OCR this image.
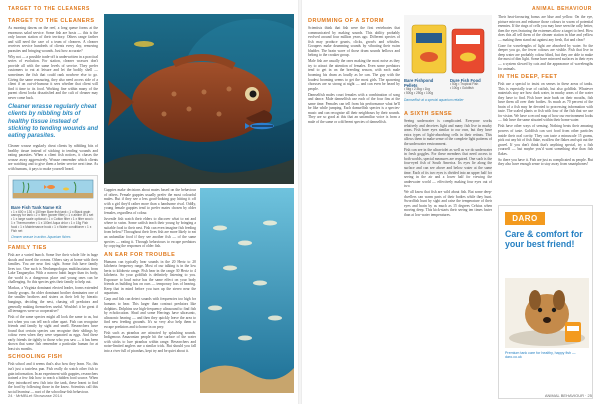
TARGET TO THE CLEANERS
TARGET TO THE CLEANERS

As morning dawns on the reef, a long queue forms at the enormous salad service. Some fish are hosts — this is the only known station of their territory. Others range farther and still need the care of a team of cleaners. A cleaner receives service hundreds of clients every day, removing parasites and bringing wounds. Just how accurate?

Why not — a possible trade-off is underwritten in a practical series of evolution. For station, cleaner wrasses don't provide all with the same levels of service. They prefer customers to eat at leisure and let the bodily shell — sometimes the fish that could rank nowhere else to go. Giving the same reassuring, they also need access side of a client if on out-of-humour it sees whether that client will find it time to its food. Working fine within many of the parent client looks dissatisfied and the cult of cleaner may never come back.

Cleaner wrasse regularly cheat clients by nibbling bits of healthy tissue instead of sticking to tending wounds and eating parasites.

Cleaner wrasse regularly cheat clients by nibbling bits of healthy tissue instead of sticking to tending wounds and eating parasites. When a client fish notices, it chases the wrasse away aggressively. Wrasse remember which clients are watching and to give them a better service next time. As with humans, it pays to make yourself heard.

Bare Fish Tank Name Kit
• 1 x 600 x 130 x 150mm Bare fish tank • 1 x Black grain canopy for tank • 2 x filter (power filter) • 1 x airline of 1 set • 1 x large scale optional • 1 x Cotton filter • 1 x filter wool • 1 x Thermometer • 1 x 100ml Aqua chlor • 1 x 15g Fish food • 1 x Maintenance book • 1 x Water conditioner • 1 x Fish net
Cleaner wrasse in action. Aquarium fishes
FAMILY TIES

Fish are a varied bunch. Some live their whole life in huge shoals and travel the oceans. Others stay at home with their families. You are near first sight. Some fish have family lives too. One such is Neolamprologus multifasciatus from Lake Tanganyika. With a narrow habit larger than its body, the world is a dangerous place and young ones can be challenging. So this species gets their family to help out.

Markus, a Virginia dominant elected leader, forms extended family groups. An older dominant brother dominates one of the smaller brothers and sisters as their left by hieratic hangings, deciding the nest, chasing off predators and generally making themselves useful. Wouldn't it be great if all teenagers were so cooperative?

Fish of the same species might all look the same to us, but not when you can tell each other apart. Fish can recognise friends and family by sight and smell. Researchers have found that certain species can recognise their siblings by colour even when they were separated as eggs. And these early friends tie tightly to those who you saw — it has been shown that some fish remember a particular human for at least six months.

SCHOOLING FISH

Fish school and it seems that's also how they learn. No, this isn't just a tasteless pun. Fish really do watch other fish to gain information. In an experiment with guppies, researchers trained a few fish how to reach a hidden food source. When they introduced new fish into the tank, these learnt to find the food by following those in the know. Scientists call this social learning — part of the schooling-fish behaviour.

Guppies make decisions about mates based on the behaviour of others. Female guppies usually prefer the most colourful males. But if they see a less good-looking guy hitting it off with a girl they'd rather more than a handsome rival. Oddly, young female guppies tend to prefer mates chosen by older females, regardless of colour.

Juvenile fish watch their elders to discover what to eat and where to swim. Some catfish teach their young by bringing a suitable food to their nest. Fish can even imagine fish feeding from below? Throughout their lives fish are more likely to eat an unfamiliar food if they see another fish — of the same species — eating it. Through behaviours to escape predators by copying the responses of older fish.

AN EAR FOR TROUBLE

Humans can typically hear sounds in the 20 Hertz to 20 kilohertz frequency range. Most of our talking is in the low hertz to kilohertz range. Fish hear in the range 30 Hertz to 4 kilohertz. So your goldfish is definitely listening to you. Exposure to loud noise has the same effect on your body friends as building has on ours — temporary loss of hearing. Keep that in mind before you turn up the stereo near the aquarium.

Carp and fish can detect sounds with frequencies too high for humans to hear. This larger than contract predators like dolphins. Dolphins use high-frequency ultrasound to find fish by echolocation. Shad and some Herrings have ultrasonic, ultrasonic hearing — and then they quickly leave the area to find new feeding grounds. It's so very also help them to escape predators and to home in on prey.

Fish such as piranhas are attracted by splashing sounds. Indigenous Amazonian people hit the surface of the water with sticks to lure piranhas within range. Researchers and noise-limited anglers use a similar trick. But should you fall into a river full of piranhas, kept try and be quiet about it.

24 · MrMBLet Showcase 2014
ANIMAL BEHAVIOUR
DRUMMING OF A STORM

Scientists think that fish were the first vertebrates that communicated by making sounds. This ability probably evolved around four million years ago. Different species of fish may produce grunts, clicks, growls and whistles. Groupers make drumming sounds by vibrating their swim bladder. The brain wave of those drum sounds bellows and belong to the croaker group.

Male fish are usually the ones making the most noise as they try to attract the attention of females. Even some predators tend to get in on the breeding season, with each male booming his drum as loudly as he can. The guy with the loudest booming seems to get the most girls. The spawning choruses are so strong at night — and can even be heard by people.

Damselfish males court females with a combination of song and dance. Male damselfish use each of the four fins at the same time. Females can tell from his performance what he'll be like while jumping. Each damselfish species is a species-music and can recognise all their neighbours by their sounds. They are so good at this that an unfamiliar voice is from a male of the same or a different species of damselfish.

Bare Fishpond Pellets
• 5kg • 2.5kg • 1kg
• 500g • 250g • 100g
Dure Fish Food
• 50g • Tropical Fish
• 100g • Goldfish
Damselfish at a special aquarium retailer
A SIXTH SENSE

Seeing underwater is complicated. Everyone works relatively and deceives light and many fish live in murky areas. Fish have eyes similar to our own, but they have extra types of light-absorbing cells in their retinas. This allows them to make sense of the complete light patterns of the underwater environment.

Fish can see in the ultraviolet as well as we do underwater in fresh goggles. For these members that need access to both worlds, special measures are required. One such is the four-eyed fish of South America. Its eyes lie along the surface and can see above and below water at the same time. Each of its two eyes is divided into an upper half for seeing in the air and a lower half for viewing the underwater world — effectively making four eyes out of two.

We all know that fish are wild about fish. But some deep-dwellers can warm parts of their bodies while they hunt. Swordfish hunt by sight and raise the temperature of their eyes and brain by as much as 15 degrees Celsius when moving deep. This kick-starts their seeing ten times faster than at low-water temperatures.

Their heat-favouring bonus are blue and yellow. On the eye, picture mirrors and enhance those colours in warm of potential enemies. If the rings of cells you may have seen the rally better, then the eyes featuring the extremes allow a target to feed. How does this all tell them of the cleaner station in blue and yellow — making them stand out against any fresh, flat and clear?

Cone for wavelengths of light are absorbed by water. So the deeper you go, the fewer colours are visible. Fish that live in deep water are probably colour blind, but they are able to make the most of dim light. Some have mirrored surfaces in their eyes — a system slowed by cats and the appearance of wavelengths for animals.

IN THE DEEP, FEET

Fish use a special to insist on senses in these areas of tanks. This is especially true of catfish, but also goldfish. Whatever materials stay are how dark water, in murky areas of the water they have to find. Fish have taste buds on their mouths, fish have them all over their bodies. As much as 70 percent of the brain of a fish may be devoted to processing information with taste. The scaled plants or fish with four of the fish that we use for vision. We have a record map of how our environment looks — fish have the same situated within their home water.

Fish have other ways of sensing. Nothing beats their amazing powers of taste. Goldfish can sort food from other particles inside their oral cavity. They can taste a minuscule 15 grams, pick out any bit of fish flake, swallow the flakes and spit out the gravel. If you don't think that's anything special, try a fish yourself — but maybe you'd want something else than fish flakes.

So there you have it. Fish are just as complicated as people. But they also have enough sense to stay away from smartphones!

DARO
Care & comfort for your best friend!
Premium tank care for healthy, happy fish — daro.co.uk
ANIMAL BEHAVIOUR · 25
